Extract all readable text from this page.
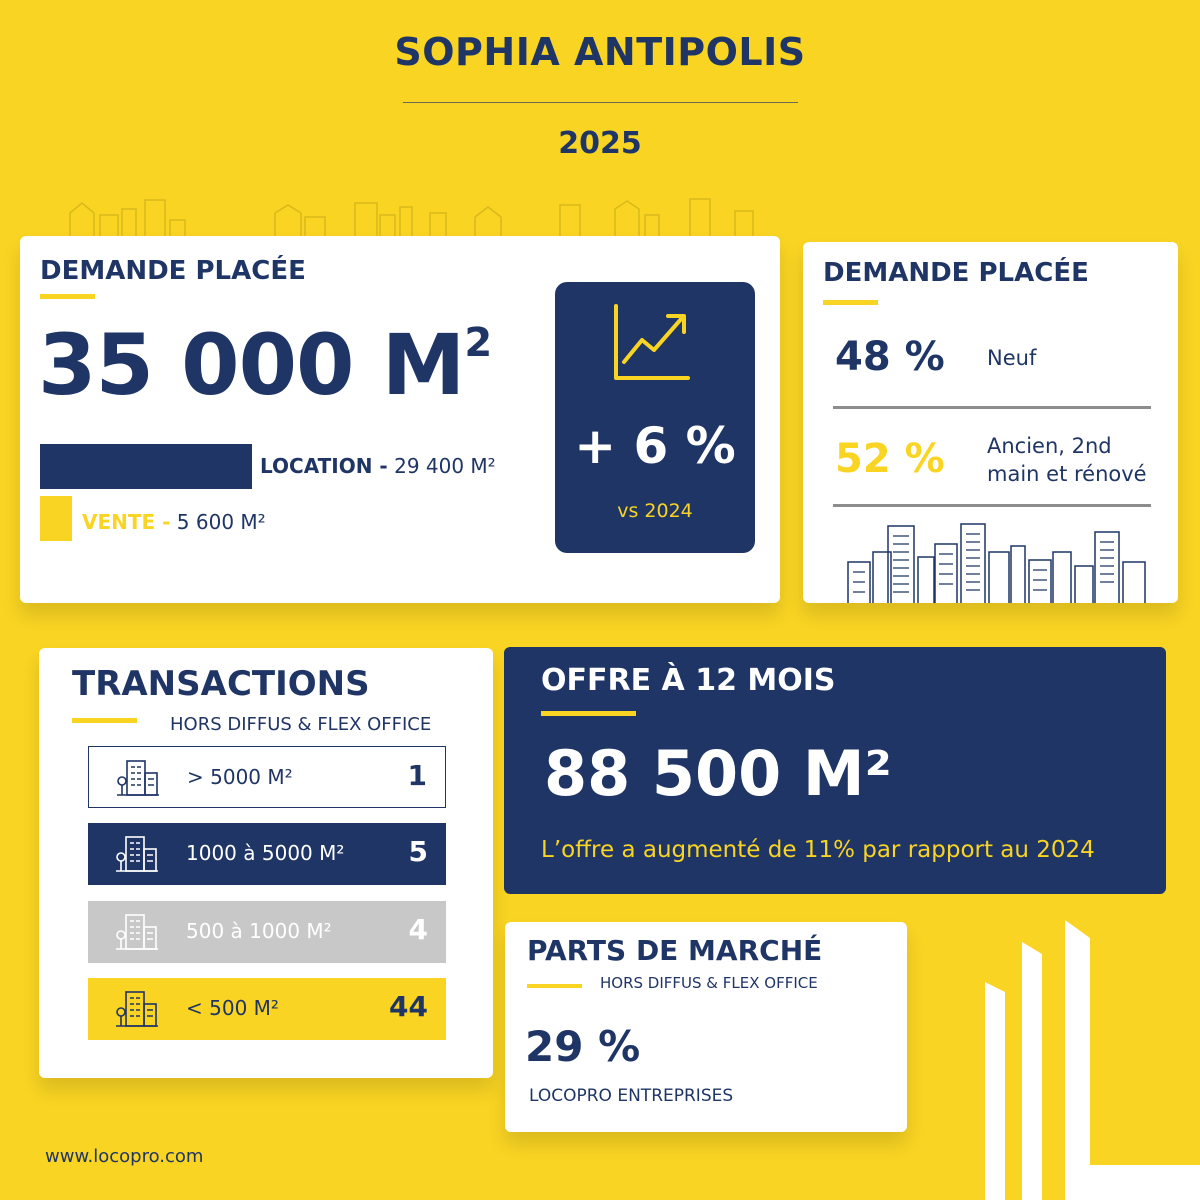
SOPHIA ANTIPOLIS
2025
DEMANDE PLACÉE
35 000 $M^2$
LOCATION - 29 400 M²
VENTE - 5 600 M²
+ 6 %
vs 2024
DEMANDE PLACÉE
48 % Neuf
52 % Ancien, 2nd main et rénové
TRANSACTIONS
HORS DIFFUS & FLEX OFFICE
> 5000 M²	1
1000 à 5000 M² 5
500 à 1000 M²	4
< 500 M²	44
OFFRE À 12 MOIS
88 500 M²
L’offre a augmenté de 11% par rapport au 2024
PARTS DE MARCHÉ
HORS DIFFUS & FLEX OFFICE
29 %
LOCOPRO ENTREPRISES
www.locopro.com
